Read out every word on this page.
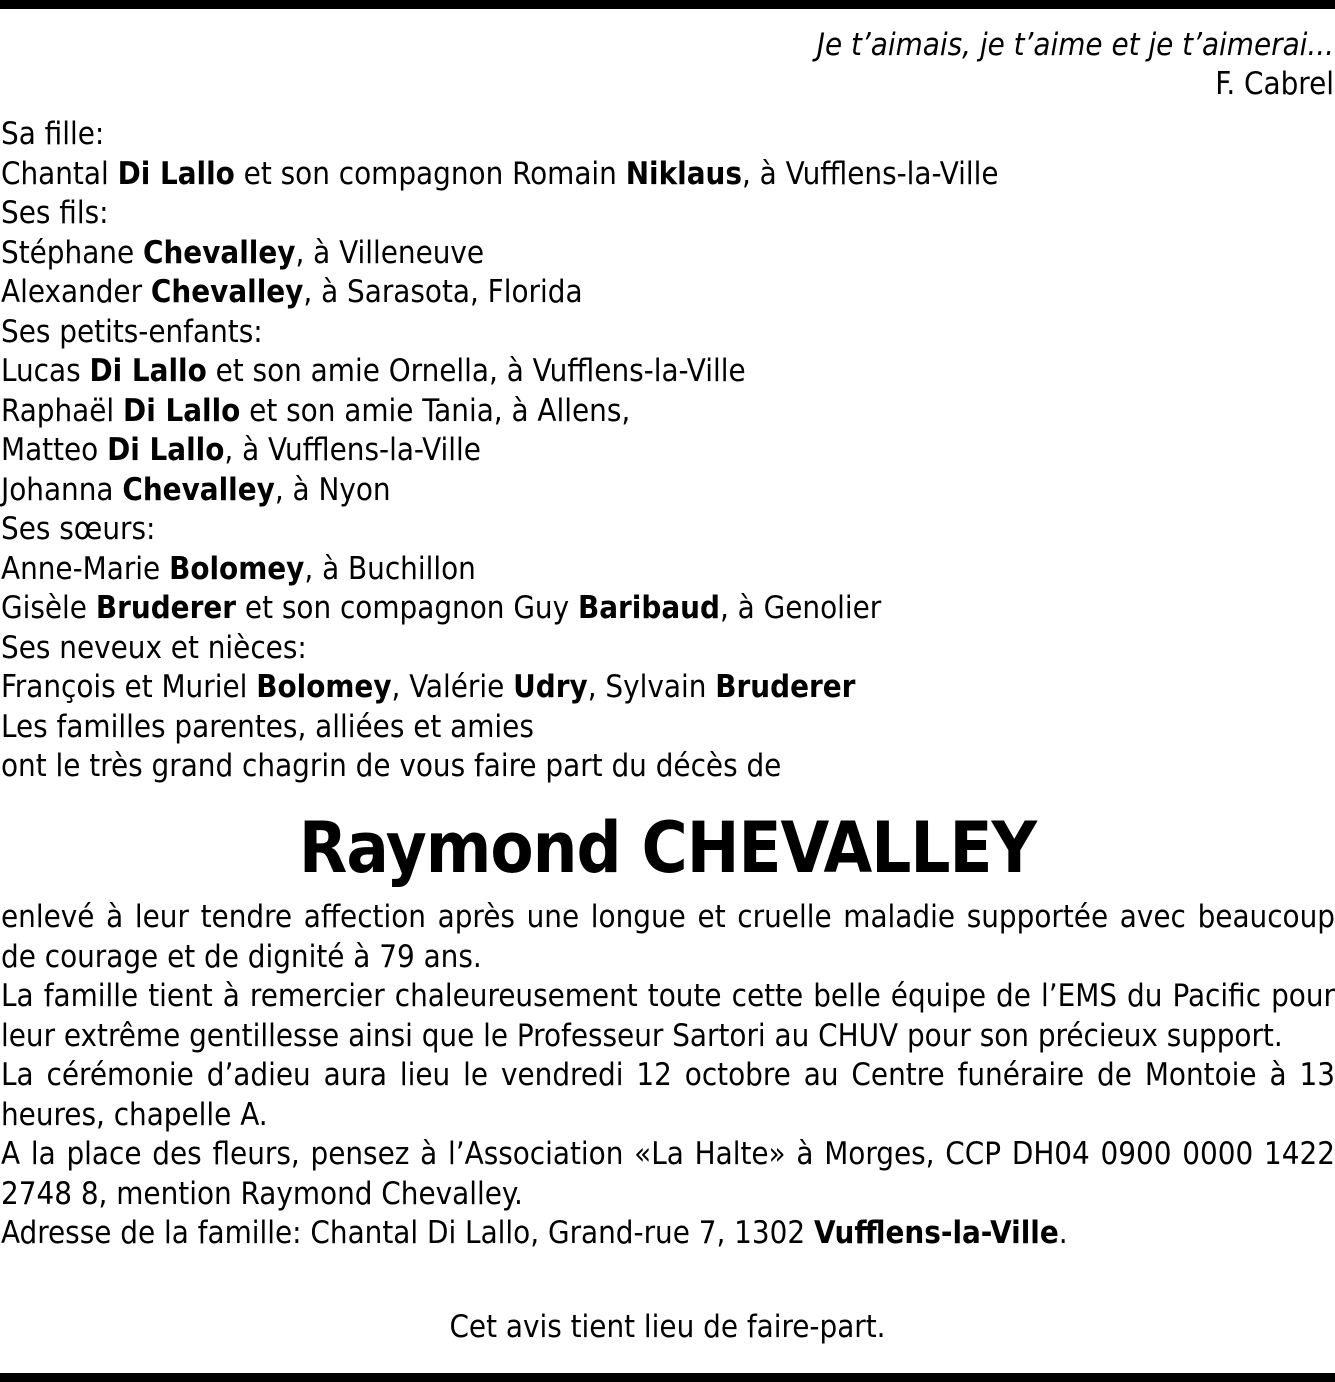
Je t’aimais, je t’aime et je t’aimerai...
F. Cabrel
Sa fille:
Chantal Di Lallo et son compagnon Romain Niklaus, à Vufflens-la-Ville
Ses fils:
Stéphane Chevalley, à Villeneuve
Alexander Chevalley, à Sarasota, Florida
Ses petits-enfants:
Lucas Di Lallo et son amie Ornella, à Vufflens-la-Ville
Raphaël Di Lallo et son amie Tania, à Allens,
Matteo Di Lallo, à Vufflens-la-Ville
Johanna Chevalley, à Nyon
Ses sœurs:
Anne-Marie Bolomey, à Buchillon
Gisèle Bruderer et son compagnon Guy Baribaud, à Genolier
Ses neveux et nièces:
François et Muriel Bolomey, Valérie Udry, Sylvain Bruderer
Les familles parentes, alliées et amies
ont le très grand chagrin de vous faire part du décès de
Raymond CHEVALLEY
enlevé à leur tendre affection après une longue et cruelle maladie supportée avec beaucoup de courage et de dignité à 79 ans.
La famille tient à remercier chaleureusement toute cette belle équipe de l’EMS du Pacific pour leur extrême gentillesse ainsi que le Professeur Sartori au CHUV pour son précieux support.
La cérémonie d’adieu aura lieu le vendredi 12 octobre au Centre funéraire de Montoie à 13 heures, chapelle A.
A la place des fleurs, pensez à l’Association «La Halte» à Morges, CCP DH04 0900 0000 1422 2748 8, mention Raymond Chevalley.
Adresse de la famille: Chantal Di Lallo, Grand-rue 7, 1302 Vufflens-la-Ville.
Cet avis tient lieu de faire-part.
